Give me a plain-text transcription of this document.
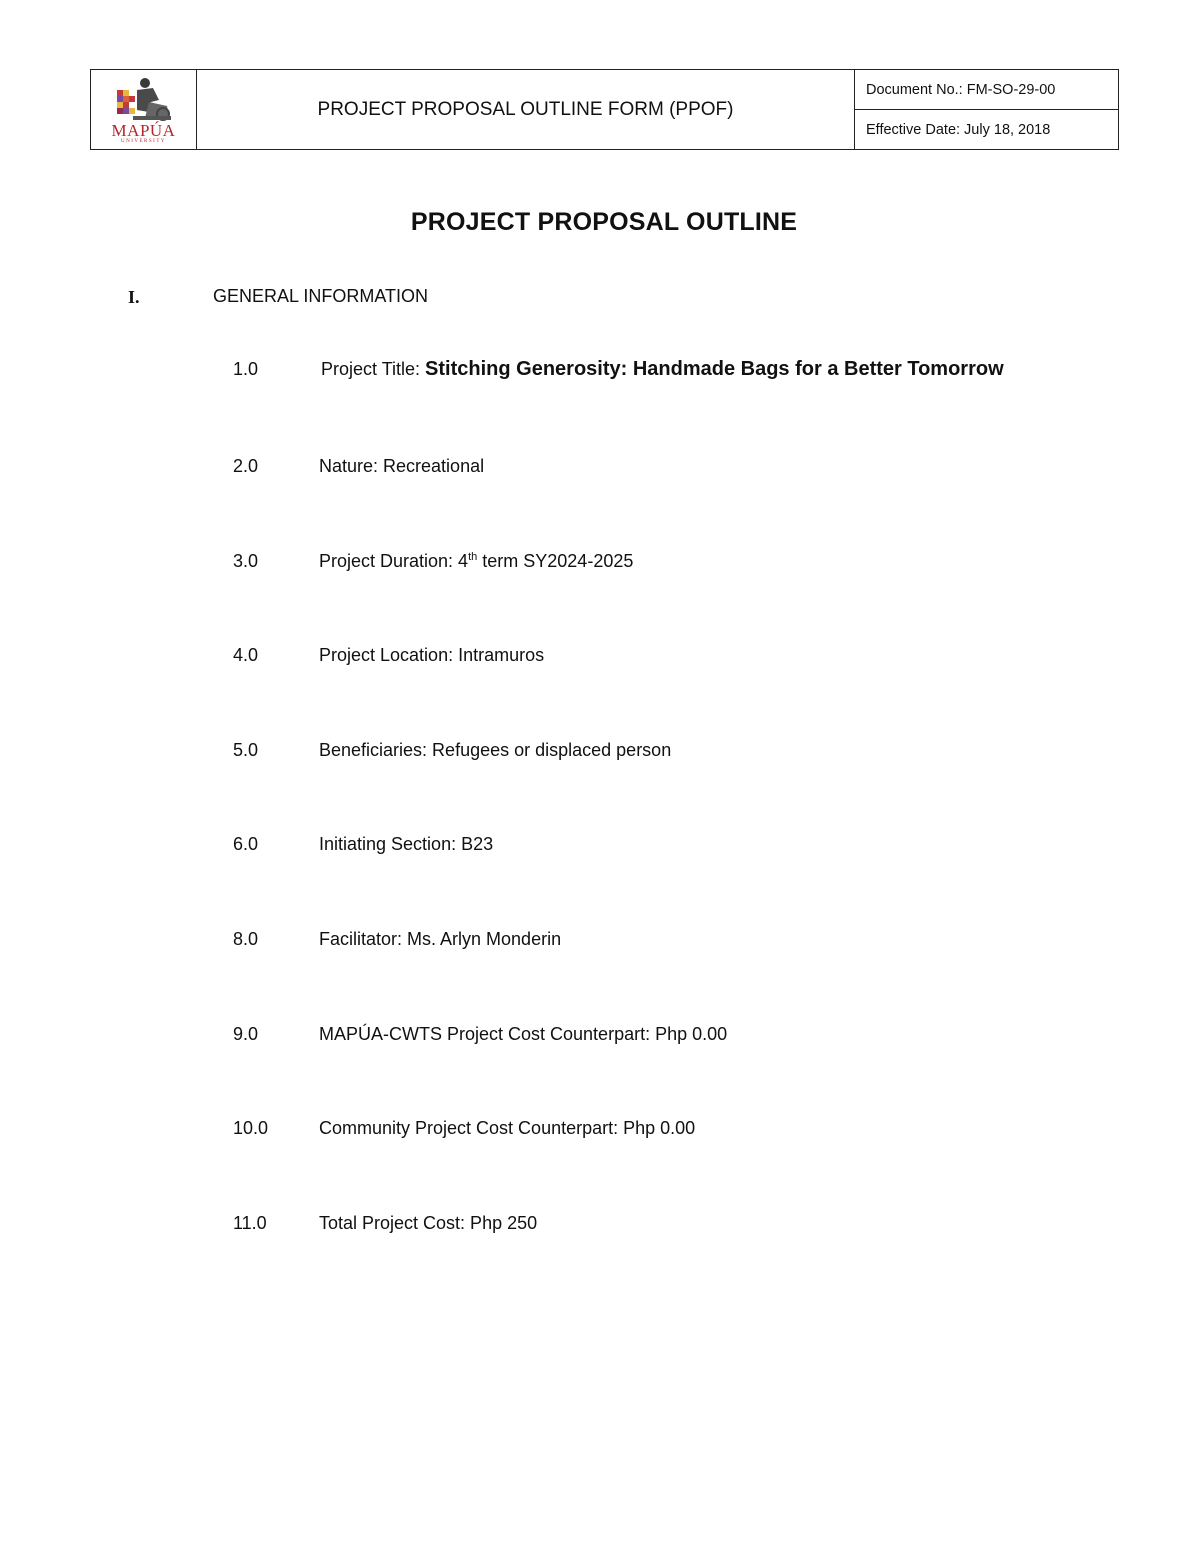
MAPÚA
UNIVERSITY
PROJECT PROPOSAL OUTLINE FORM (PPOF)
Document No.: FM-SO-29-00
Effective Date: July 18, 2018
PROJECT PROPOSAL OUTLINE
I.	GENERAL INFORMATION
1.0	Project Title: Stitching Generosity: Handmade Bags for a Better Tomorrow
2.0	Nature: Recreational
3.0	Project Duration: 4th term SY2024-2025
4.0	Project Location: Intramuros
5.0	Beneficiaries: Refugees or displaced person
6.0	Initiating Section: B23
8.0	Facilitator: Ms. Arlyn Monderin
9.0	MAPÚA-CWTS Project Cost Counterpart: Php 0.00
10.0	Community Project Cost Counterpart: Php 0.00
11.0	Total Project Cost: Php 250
